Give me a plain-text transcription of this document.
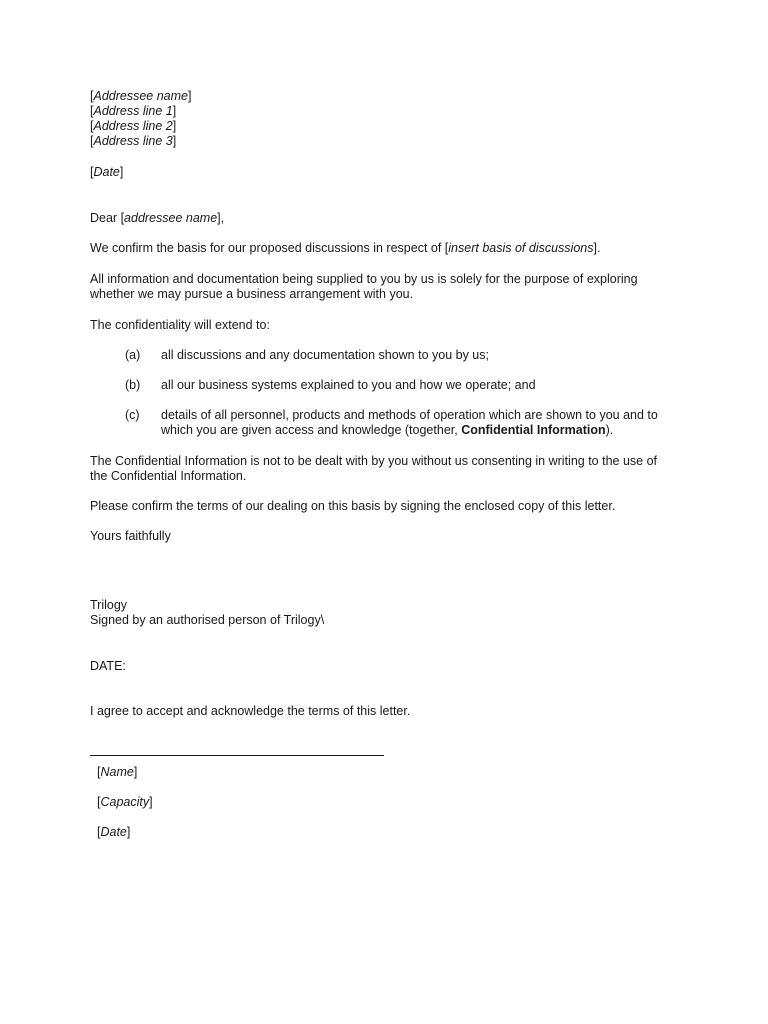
[Addressee name]
[Address line 1]
[Address line 2]
[Address line 3]
[Date]
Dear [addressee name],
We confirm the basis for our proposed discussions in respect of [insert basis of discussions].
All information and documentation being supplied to you by us is solely for the purpose of exploring
whether we may pursue a business arrangement with you.
The confidentiality will extend to:
(a) all discussions and any documentation shown to you by us;
(b) all our business systems explained to you and how we operate; and
(c) details of all personnel, products and methods of operation which are shown to you and to
which you are given access and knowledge (together, Confidential Information).
The Confidential Information is not to be dealt with by you without us consenting in writing to the use of
the Confidential Information.
Please confirm the terms of our dealing on this basis by signing the enclosed copy of this letter.
Yours faithfully
Trilogy
Signed by an authorised person of Trilogy\
DATE:
I agree to accept and acknowledge the terms of this letter.
[Name]
[Capacity]
[Date]
